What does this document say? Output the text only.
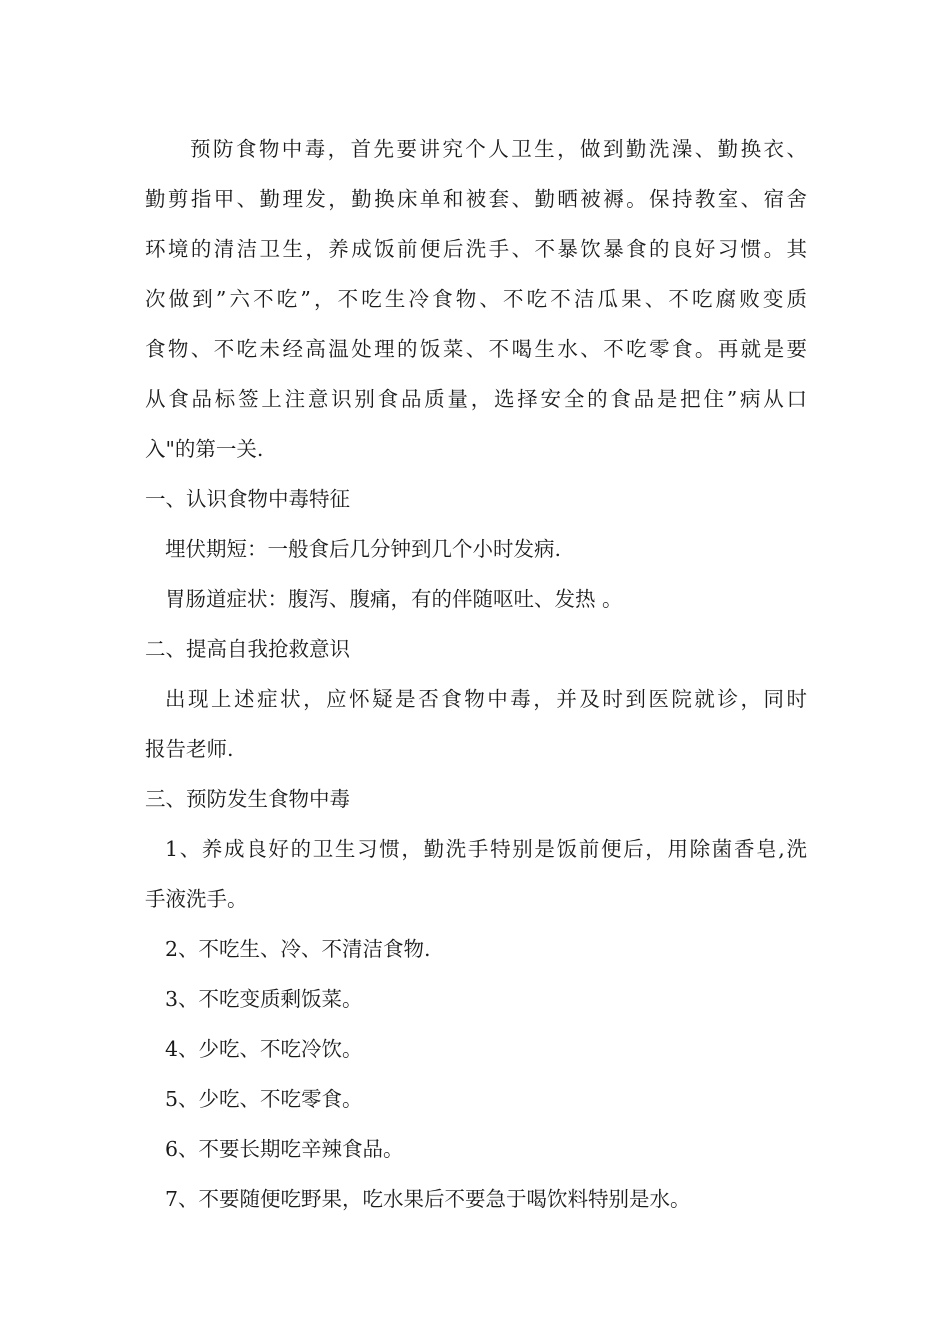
预防食物中毒，首先要讲究个人卫生，做到勤洗澡、勤换衣、
勤剪指甲、勤理发，勤换床单和被套、勤晒被褥。保持教室、宿舍
环境的清洁卫生，养成饭前便后洗手、不暴饮暴食的良好习惯。其
次做到”六不吃”，不吃生冷食物、不吃不洁瓜果、不吃腐败变质
食物、不吃未经高温处理的饭菜、不喝生水、不吃零食。再就是要
从食品标签上注意识别食品质量，选择安全的食品是把住”病从口
入"的第一关.
一、认识食物中毒特征
埋伏期短：一般食后几分钟到几个小时发病.
胃肠道症状：腹泻、腹痛，有的伴随呕吐、发热 。
二、提高自我抢救意识
出现上述症状，应怀疑是否食物中毒，并及时到医院就诊，同时
报告老师.
三、预防发生食物中毒
1、养成良好的卫生习惯，勤洗手特别是饭前便后，用除菌香皂,洗
手液洗手。
2、不吃生、冷、不清洁食物.
3、不吃变质剩饭菜。
4、少吃、不吃冷饮。
5、少吃、不吃零食。
6、不要长期吃辛辣食品。
7、不要随便吃野果，吃水果后不要急于喝饮料特别是水。
